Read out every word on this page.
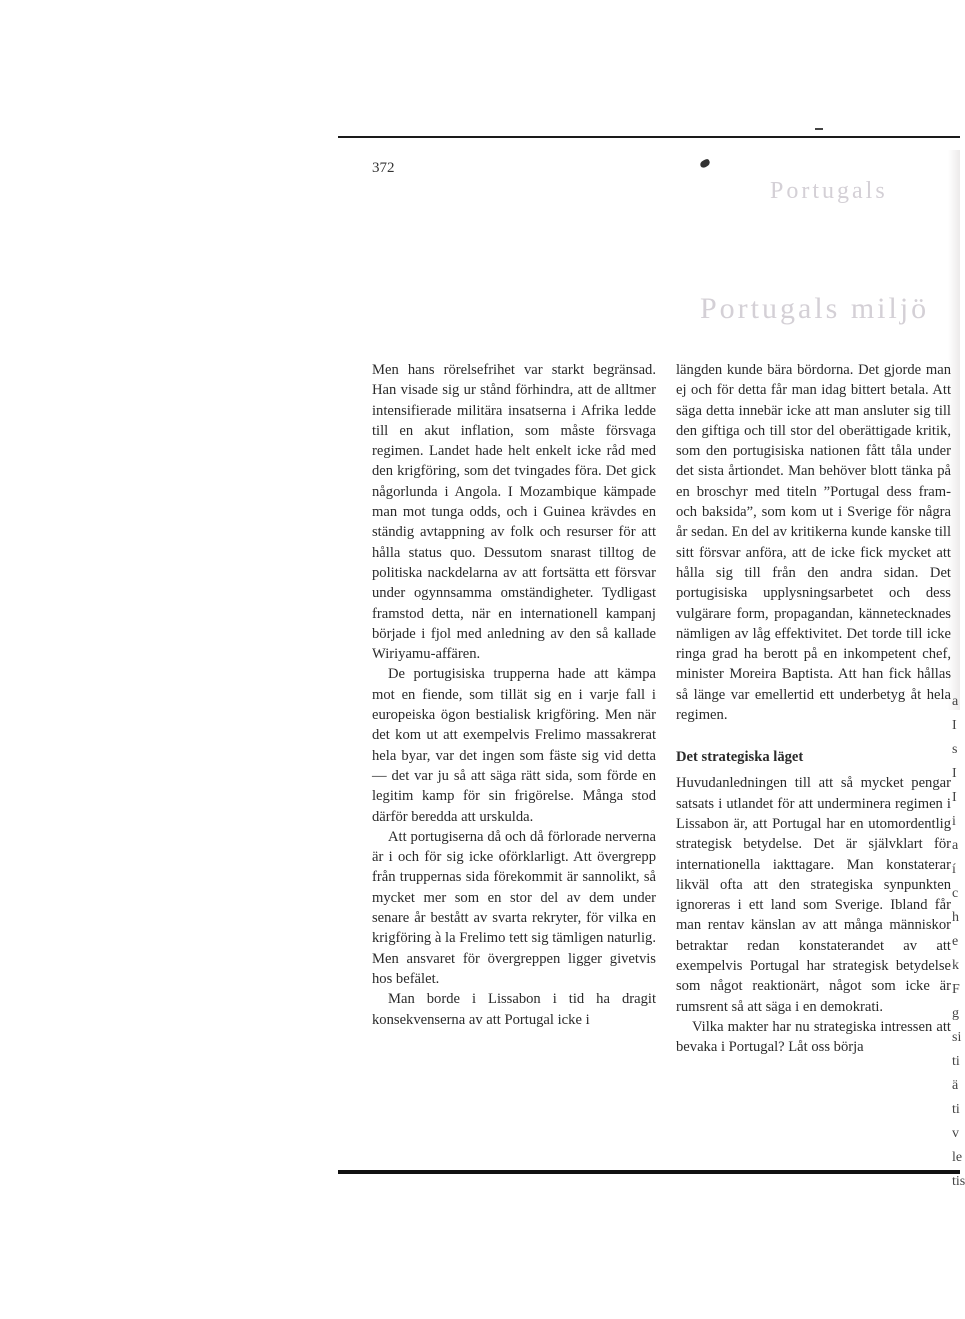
Portugals
Portugals miljö
372

Men hans rörelsefrihet var starkt begränsad. Han visade sig ur stånd förhindra, att de alltmer intensifierade militära insatserna i Afrika ledde till en akut inflation, som måste försvaga regimen. Landet hade helt enkelt icke råd med den krigföring, som det tvingades föra. Det gick någorlunda i Angola. I Mozambique kämpade man mot tunga odds, och i Guinea krävdes en ständig avtappning av folk och resurser för att hålla status quo. Dessutom snarast tilltog de politiska nackdelarna av att fortsätta ett försvar under ogynnsamma omständigheter. Tydligast framstod detta, när en internationell kampanj började i fjol med anledning av den så kallade Wiriyamu-affären.

De portugisiska trupperna hade att kämpa mot en fiende, som tillät sig en i varje fall i europeiska ögon bestialisk krigföring. Men när det kom ut att exempelvis Frelimo massakrerat hela byar, var det ingen som fäste sig vid detta — det var ju så att säga rätt sida, som förde en legitim kamp för sin frigörelse. Många stod därför beredda att urskulda.

Att portugiserna då och då förlorade nerverna är i och för sig icke oförklarligt. Att övergrepp från truppernas sida förekommit är sannolikt, så mycket mer som en stor del av dem under senare år bestått av svarta rekryter, för vilka en krigföring à la Frelimo tett sig tämligen naturlig. Men ansvaret för övergreppen ligger givetvis hos befälet.

Man borde i Lissabon i tid ha dragit konsekvenserna av att Portugal icke i

längden kunde bära bördorna. Det gjorde man ej och för detta får man idag bittert betala. Att säga detta innebär icke att man ansluter sig till den giftiga och till stor del oberättigade kritik, som den portugisiska nationen fått tåla under det sista årtiondet. Man behöver blott tänka på en broschyr med titeln ”Portugal dess fram- och baksida”, som kom ut i Sverige för några år sedan. En del av kritikerna kunde kanske till sitt försvar anföra, att de icke fick mycket att hålla sig till från den andra sidan. Det portugisiska upplysningsarbetet och dess vulgärare form, propagandan, kännetecknades nämligen av låg effektivitet. Det torde till icke ringa grad ha berott på en inkompetent chef, minister Moreira Baptista. Att han fick hållas så länge var emellertid ett underbetyg åt hela regimen.

Det strategiska läget

Huvudanledningen till att så mycket pengar satsats i utlandet för att underminera regimen i Lissabon är, att Portugal har en utomordentlig strategisk betydelse. Det är självklart för internationella iakttagare. Man konstaterar likväl ofta att den strategiska synpunkten ignoreras i ett land som Sverige. Ibland får man rentav känslan av att många människor betraktar redan konstaterandet av att exempelvis Portugal har strategisk betydelse som något reaktionärt, något som icke är rumsrent så att säga i en demokrati.

Vilka makter har nu strategiska intressen att bevaka i Portugal? Låt oss börja

a
I
s
I
I
i
a
í
c
h
e
k
F
g
si
ti
ä
ti
v
le
tis
